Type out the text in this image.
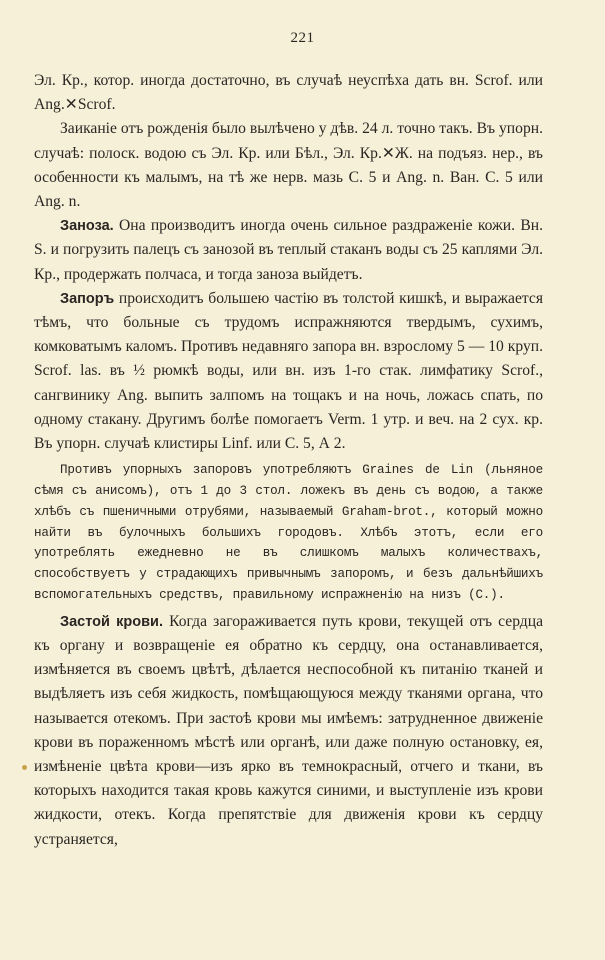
221

Эл. Кр., котор. иногда достаточно, въ случаѣ неуспѣха дать вн. Scrof. или Ang.✕Scrof.

Заиканіе отъ рожденія было вылѣчено у дѣв. 24 л. точно такъ. Въ упорн. случаѣ: полоск. водою съ Эл. Кр. или Бѣл., Эл. Кр.✕Ж. на подъяз. нер., въ особенности къ малымъ, на тѣ же нерв. мазь С. 5 и Ang. n. Ван. С. 5 или Ang. n.

Заноза. Она производитъ иногда очень сильное раздраженіе кожи. Вн. S. и погрузить палецъ съ занозой въ теплый стаканъ воды съ 25 каплями Эл. Кр., продержать полчаса, и тогда заноза выйдетъ.

Запоръ происходитъ большею частію въ толстой кишкѣ, и выражается тѣмъ, что больные съ трудомъ испражняются твердымъ, сухимъ, комковатымъ каломъ. Противъ недавняго запора вн. взрослому 5 — 10 круп. Scrof. las. въ ½ рюмкѣ воды, или вн. изъ 1-го стак. лимфатику Scrof., сангвинику Ang. выпить залпомъ на тощакъ и на ночь, ложась спать, по одному стакану. Другимъ болѣе помогаетъ Verm. 1 утр. и веч. на 2 сух. кр. Въ упорн. случаѣ клистиры Linf. или С. 5, А 2.

Противъ упорныхъ запоровъ употребляютъ Graines de Lin (льняное сѣмя съ анисомъ), отъ 1 до 3 стол. ложекъ въ день съ водою, а также хлѣбъ съ пшеничными отрубями, называемый Graham-brot., который можно найти въ булочныхъ большихъ городовъ. Хлѣбъ этотъ, если его употреблять ежедневно не въ слишкомъ малыхъ количествахъ, способствуетъ у страдающихъ привычнымъ запоромъ, и безъ дальнѣйшихъ вспомогательныхъ средствъ, правильному испражненію на низъ (С.).

Застой крови. Когда загораживается путь крови, текущей отъ сердца къ органу и возвращеніе ея обратно къ сердцу, она останавливается, измѣняется въ своемъ цвѣтѣ, дѣлается неспособной къ питанію тканей и выдѣляетъ изъ себя жидкость, помѣщающуюся между тканями органа, что называется отекомъ. При застоѣ крови мы имѣемъ: затрудненное движеніе крови въ пораженномъ мѣстѣ или органѣ, или даже полную остановку, ея, измѣненіе цвѣта крови—изъ ярко въ темнокрасный, отчего и ткани, въ которыхъ находится такая кровь кажутся синими, и выступленіе изъ крови жидкости, отекъ. Когда препятствіе для движенія крови къ сердцу устраняется,
